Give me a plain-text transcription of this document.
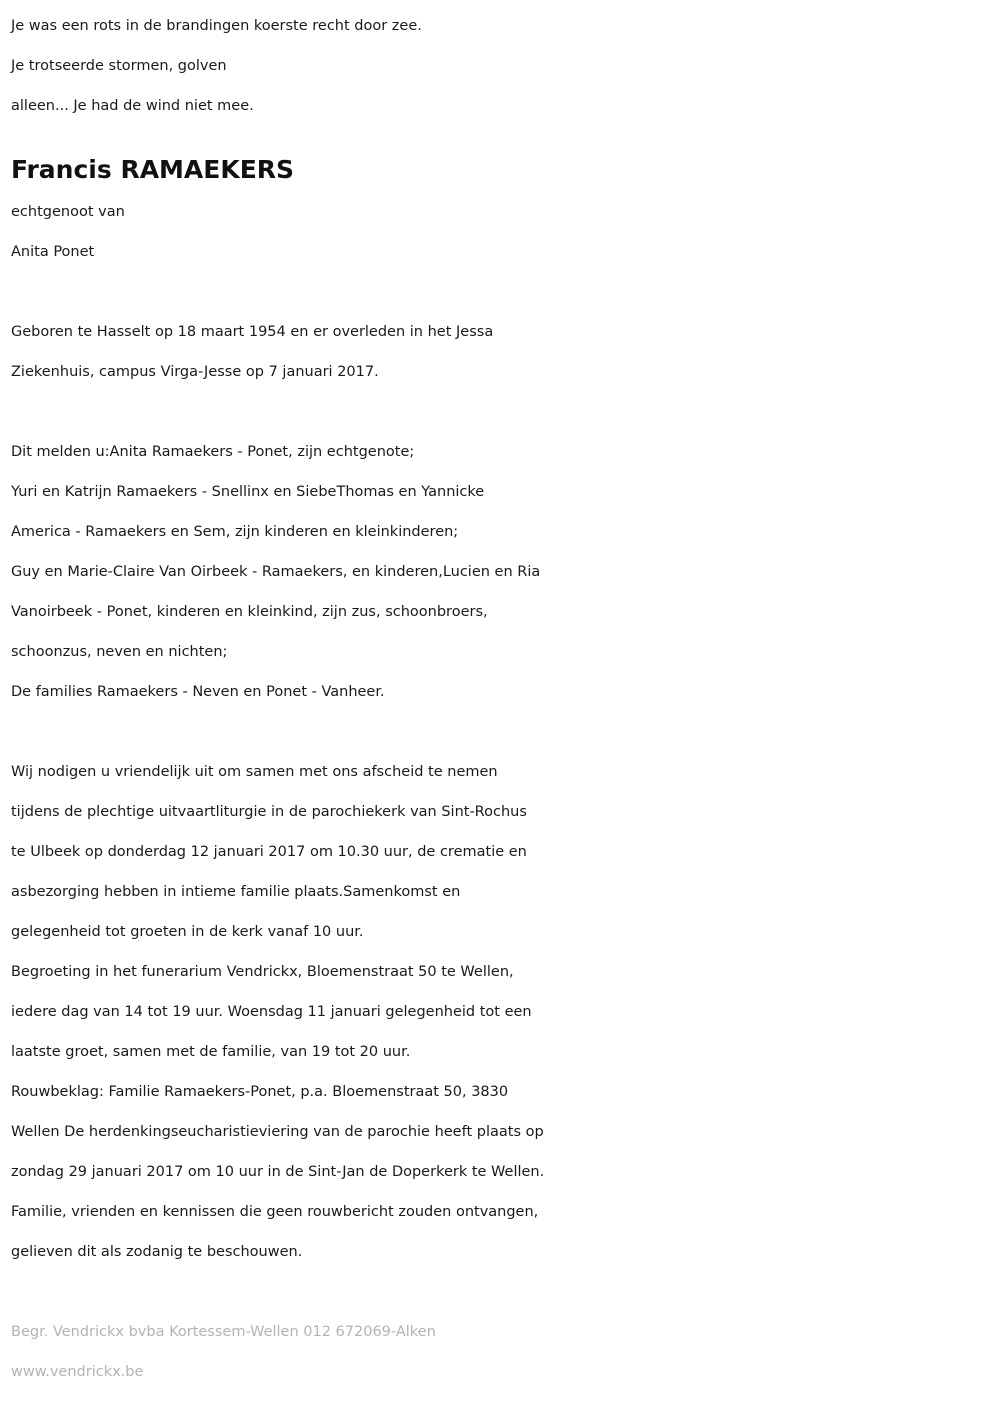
Je was een rots in de brandingen koerste recht door zee.
Je trotseerde stormen, golven
alleen... Je had de wind niet mee.
Francis RAMAEKERS
echtgenoot van
Anita Ponet
Geboren te Hasselt op 18 maart 1954 en er overleden in het Jessa
Ziekenhuis, campus Virga-Jesse op 7 januari 2017.
Dit melden u:Anita Ramaekers - Ponet, zijn echtgenote;
Yuri en Katrijn Ramaekers - Snellinx en SiebeThomas en Yannicke
America - Ramaekers en Sem, zijn kinderen en kleinkinderen;
Guy en Marie-Claire Van Oirbeek - Ramaekers, en kinderen,Lucien en Ria
Vanoirbeek - Ponet, kinderen en kleinkind, zijn zus, schoonbroers,
schoonzus, neven en nichten;
De families Ramaekers - Neven en Ponet - Vanheer.
Wij nodigen u vriendelijk uit om samen met ons afscheid te nemen
tijdens de plechtige uitvaartliturgie in de parochiekerk van Sint-Rochus
te Ulbeek op donderdag 12 januari 2017 om 10.30 uur, de crematie en
asbezorging hebben in intieme familie plaats.Samenkomst en
gelegenheid tot groeten in de kerk vanaf 10 uur.
Begroeting in het funerarium Vendrickx, Bloemenstraat 50 te Wellen,
iedere dag van 14 tot 19 uur. Woensdag 11 januari gelegenheid tot een
laatste groet, samen met de familie, van 19 tot 20 uur.
Rouwbeklag: Familie Ramaekers-Ponet, p.a. Bloemenstraat 50, 3830
Wellen De herdenkingseucharistieviering van de parochie heeft plaats op
zondag 29 januari 2017 om 10 uur in de Sint-Jan de Doperkerk te Wellen.
Familie, vrienden en kennissen die geen rouwbericht zouden ontvangen,
gelieven dit als zodanig te beschouwen.
Begr. Vendrickx bvba Kortessem-Wellen 012 672069-Alken
www.vendrickx.be
